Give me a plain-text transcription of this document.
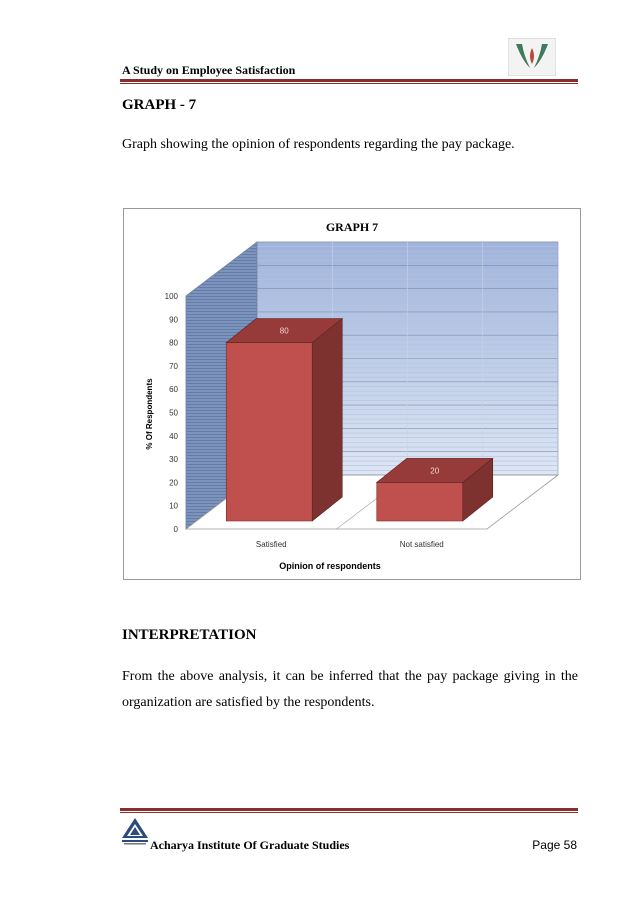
A Study on Employee Satisfaction
GRAPH - 7
Graph showing the opinion of respondents regarding the pay package.
0
10
20
30
40
50
60
70
80
90
100
80
Satisfied
20
Not satisfied
GRAPH 7
Opinion of respondents
% Of Respondents
INTERPRETATION
From the above analysis, it can be inferred that the pay package giving in the organization are satisfied by the respondents.
Acharya Institute Of Graduate Studies	Page 58
